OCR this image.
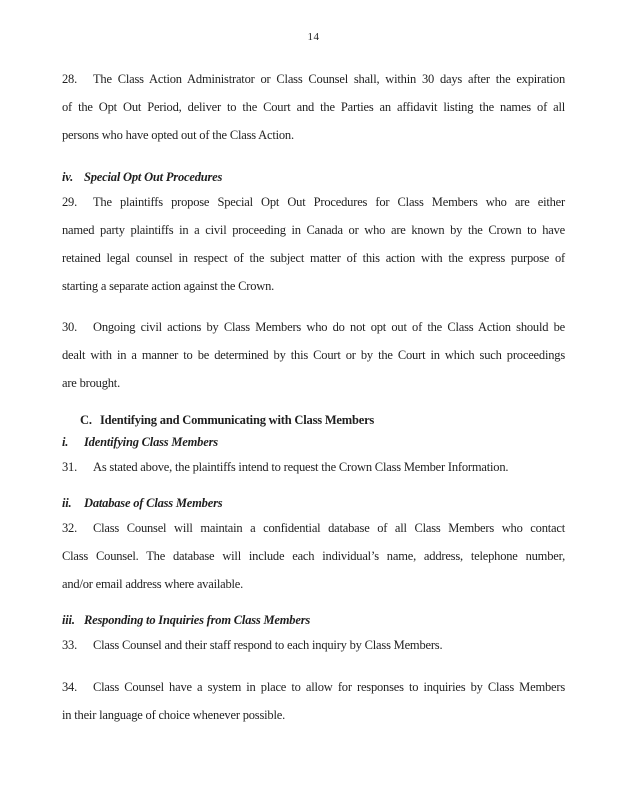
14
28. The Class Action Administrator or Class Counsel shall, within 30 days after the expiration
of the Opt Out Period, deliver to the Court and the Parties an affidavit listing the names of all
persons who have opted out of the Class Action.
iv. Special Opt Out Procedures
29. The plaintiffs propose Special Opt Out Procedures for Class Members who are either
named party plaintiffs in a civil proceeding in Canada or who are known by the Crown to have
retained legal counsel in respect of the subject matter of this action with the express purpose of
starting a separate action against the Crown.
30. Ongoing civil actions by Class Members who do not opt out of the Class Action should be
dealt with in a manner to be determined by this Court or by the Court in which such proceedings
are brought.
C. Identifying and Communicating with Class Members
i. Identifying Class Members
31. As stated above, the plaintiffs intend to request the Crown Class Member Information.
ii. Database of Class Members
32. Class Counsel will maintain a confidential database of all Class Members who contact
Class Counsel. The database will include each individual’s name, address, telephone number,
and/or email address where available.
iii. Responding to Inquiries from Class Members
33. Class Counsel and their staff respond to each inquiry by Class Members.
34. Class Counsel have a system in place to allow for responses to inquiries by Class Members
in their language of choice whenever possible.
